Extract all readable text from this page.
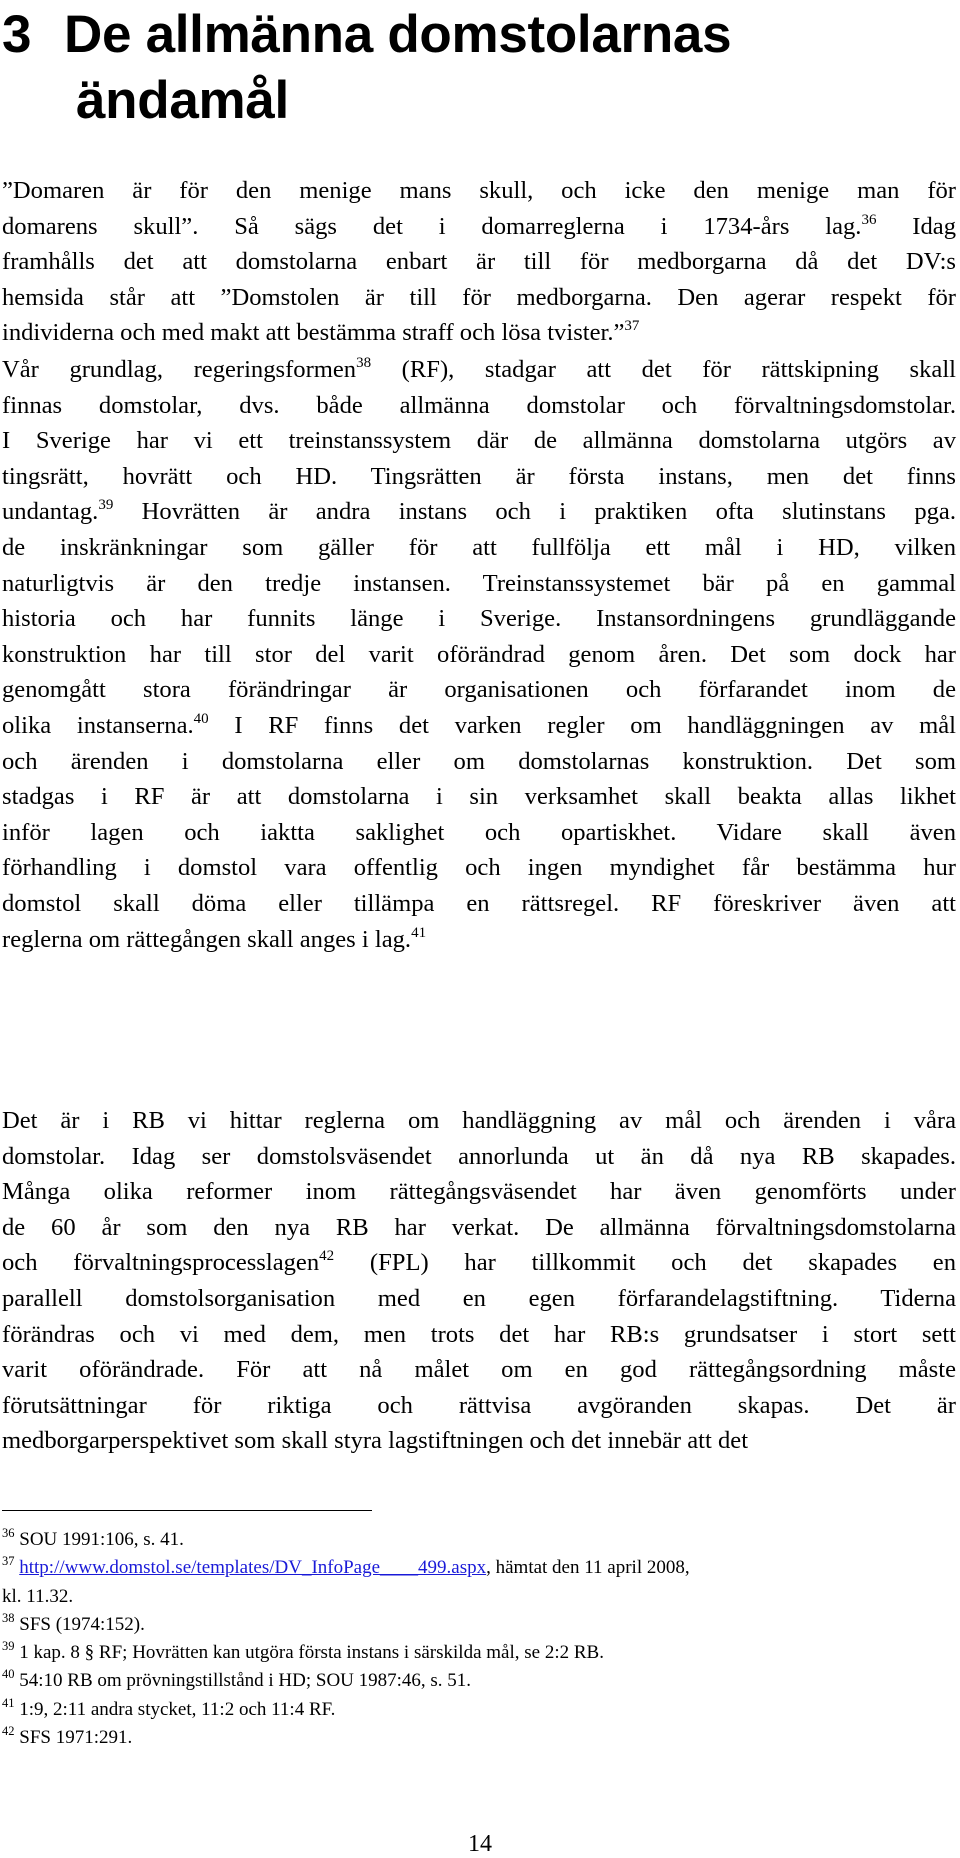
3 De allmänna domstolarnas
ändamål
”Domaren är för den menige mans skull, och icke den menige man för
domarens skull”. Så sägs det i domarreglerna i 1734-års lag.$^{36}$ Idag
framhålls det att domstolarna enbart är till för medborgarna då det DV:s
hemsida står att ”Domstolen är till för medborgarna. Den agerar respekt för
individerna och med makt att bestämma straff och lösa tvister.”$^{37}$
Vår grundlag, regeringsformen$^{38}$ (RF), stadgar att det för rättskipning skall
finnas domstolar, dvs. både allmänna domstolar och förvaltningsdomstolar.
I Sverige har vi ett treinstanssystem där de allmänna domstolarna utgörs av
tingsrätt, hovrätt och HD. Tingsrätten är första instans, men det finns
undantag.$^{39}$ Hovrätten är andra instans och i praktiken ofta slutinstans pga.
de inskränkningar som gäller för att fullfölja ett mål i HD, vilken
naturligtvis är den tredje instansen. Treinstanssystemet bär på en gammal
historia och har funnits länge i Sverige. Instansordningens grundläggande
konstruktion har till stor del varit oförändrad genom åren. Det som dock har
genomgått stora förändringar är organisationen och förfarandet inom de
olika instanserna.$^{40}$ I RF finns det varken regler om handläggningen av mål
och ärenden i domstolarna eller om domstolarnas konstruktion. Det som
stadgas i RF är att domstolarna i sin verksamhet skall beakta allas likhet
inför lagen och iaktta saklighet och opartiskhet. Vidare skall även
förhandling i domstol vara offentlig och ingen myndighet får bestämma hur
domstol skall döma eller tillämpa en rättsregel. RF föreskriver även att
reglerna om rättegången skall anges i lag.$^{41}$
Det är i RB vi hittar reglerna om handläggning av mål och ärenden i våra
domstolar. Idag ser domstolsväsendet annorlunda ut än då nya RB skapades.
Många olika reformer inom rättegångsväsendet har även genomförts under
de 60 år som den nya RB har verkat. De allmänna förvaltningsdomstolarna
och förvaltningsprocesslagen$^{42}$ (FPL) har tillkommit och det skapades en
parallell domstolsorganisation med en egen förfarandelagstiftning. Tiderna
förändras och vi med dem, men trots det har RB:s grundsatser i stort sett
varit oförändrade. För att nå målet om en god rättegångsordning måste
förutsättningar för riktiga och rättvisa avgöranden skapas. Det är
medborgarperspektivet som skall styra lagstiftningen och det innebär att det
$^{36}$ SOU 1991:106, s. 41.
$^{37}$ http://www.domstol.se/templates/DV_InfoPage____499.aspx, hämtat den 11 april 2008,
kl. 11.32.
$^{38}$ SFS (1974:152).
$^{39}$ 1 kap. 8 § RF; Hovrätten kan utgöra första instans i särskilda mål, se 2:2 RB.
$^{40}$ 54:10 RB om prövningstillstånd i HD; SOU 1987:46, s. 51.
$^{41}$ 1:9, 2:11 andra stycket, 11:2 och 11:4 RF.
$^{42}$ SFS 1971:291.
14
